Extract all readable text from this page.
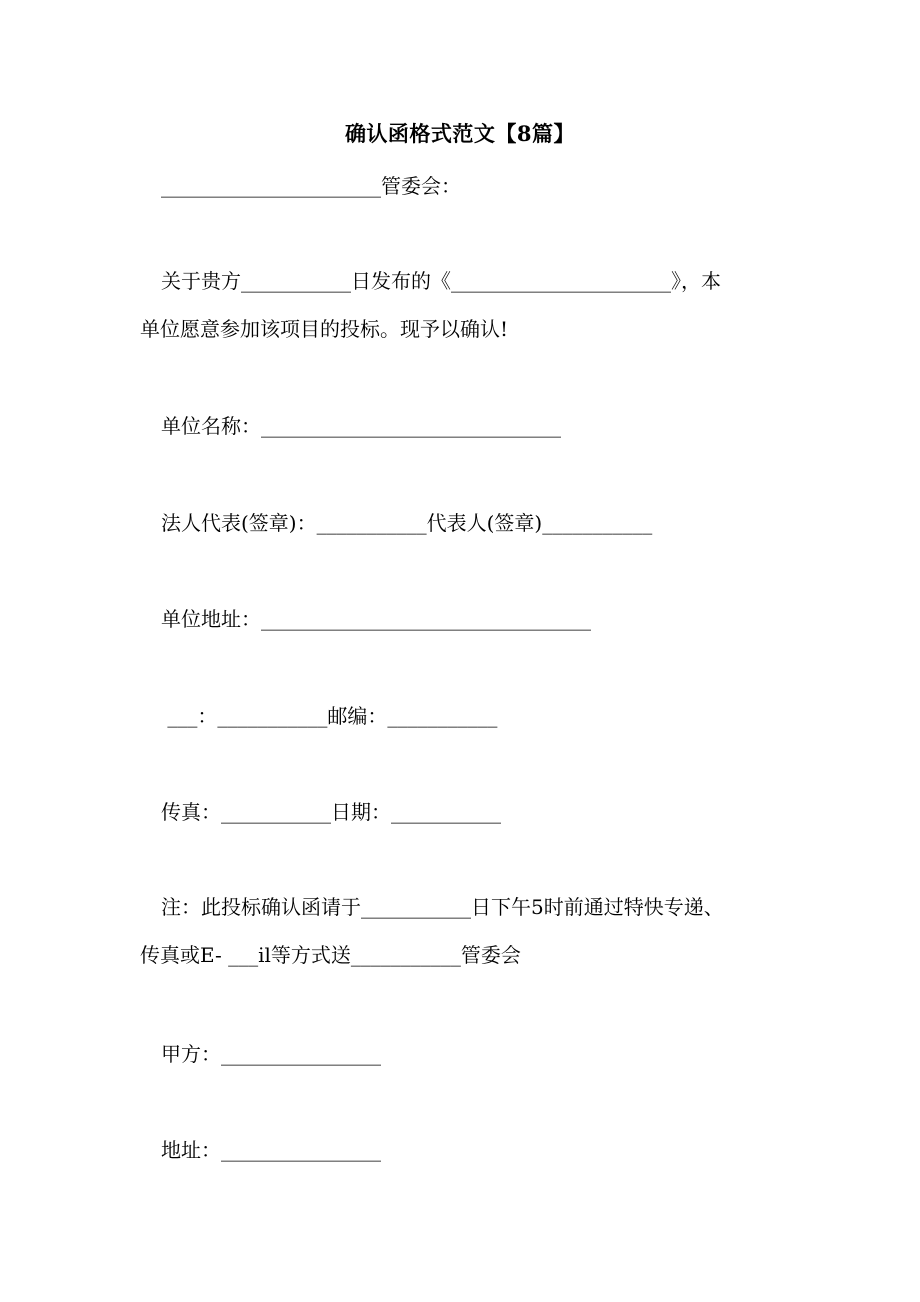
确认函格式范文【8篇】

______________________管委会：

关于贵方___________日发布的《______________________》，本

单位愿意参加该项目的投标。现予以确认!

单位名称：______________________________

法人代表(签章)：___________代表人(签章)___________

单位地址：_________________________________

___：___________邮编：___________

传真：___________日期：___________

注：此投标确认函请于___________日下午5时前通过特快专递、

传真或E- ___il等方式送___________管委会

甲方：________________

地址：________________
